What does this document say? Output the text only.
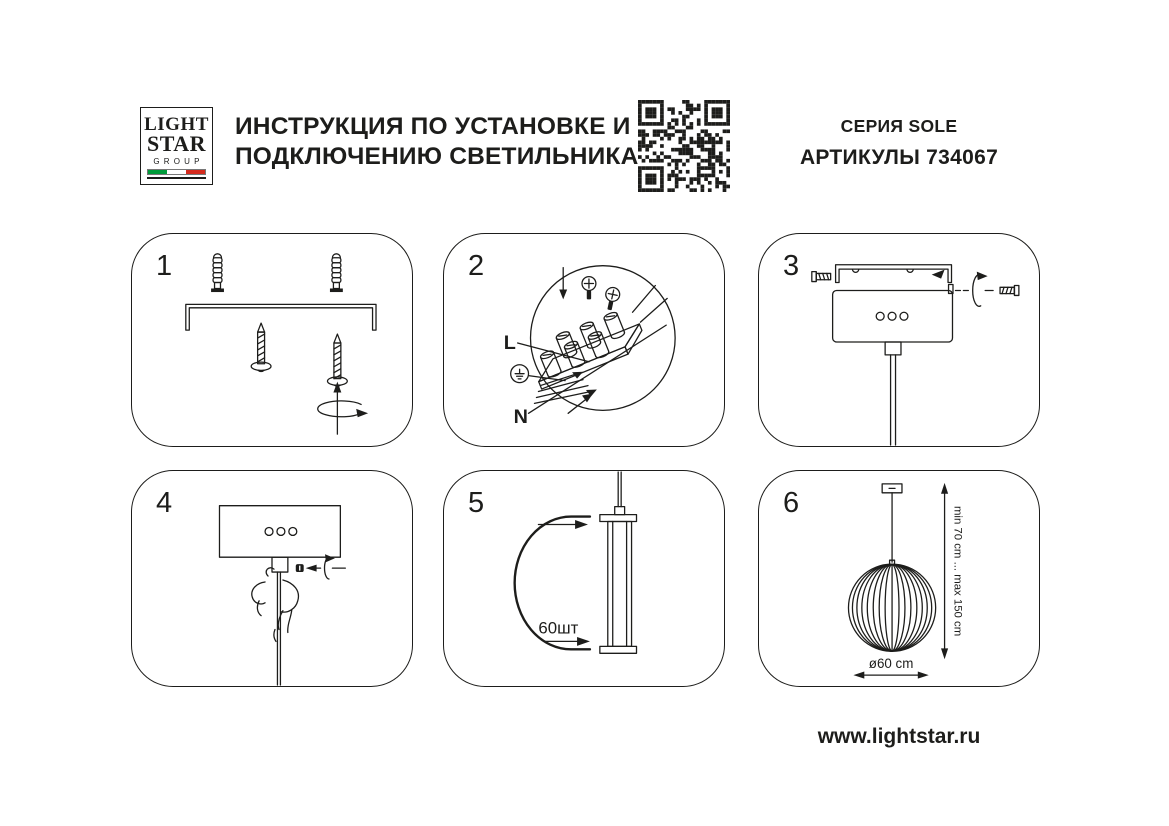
LIGHT
STAR
GROUP
ИНСТРУКЦИЯ ПО УСТАНОВКЕ И
ПОДКЛЮЧЕНИЮ СВЕТИЛЬНИКА
СЕРИЯ SOLE
АРТИКУЛЫ 734067
1	2
L
N
3
4	5
60шт
6
min 70 cm ... max 150 cm
ø60 cm
www.lightstar.ru
